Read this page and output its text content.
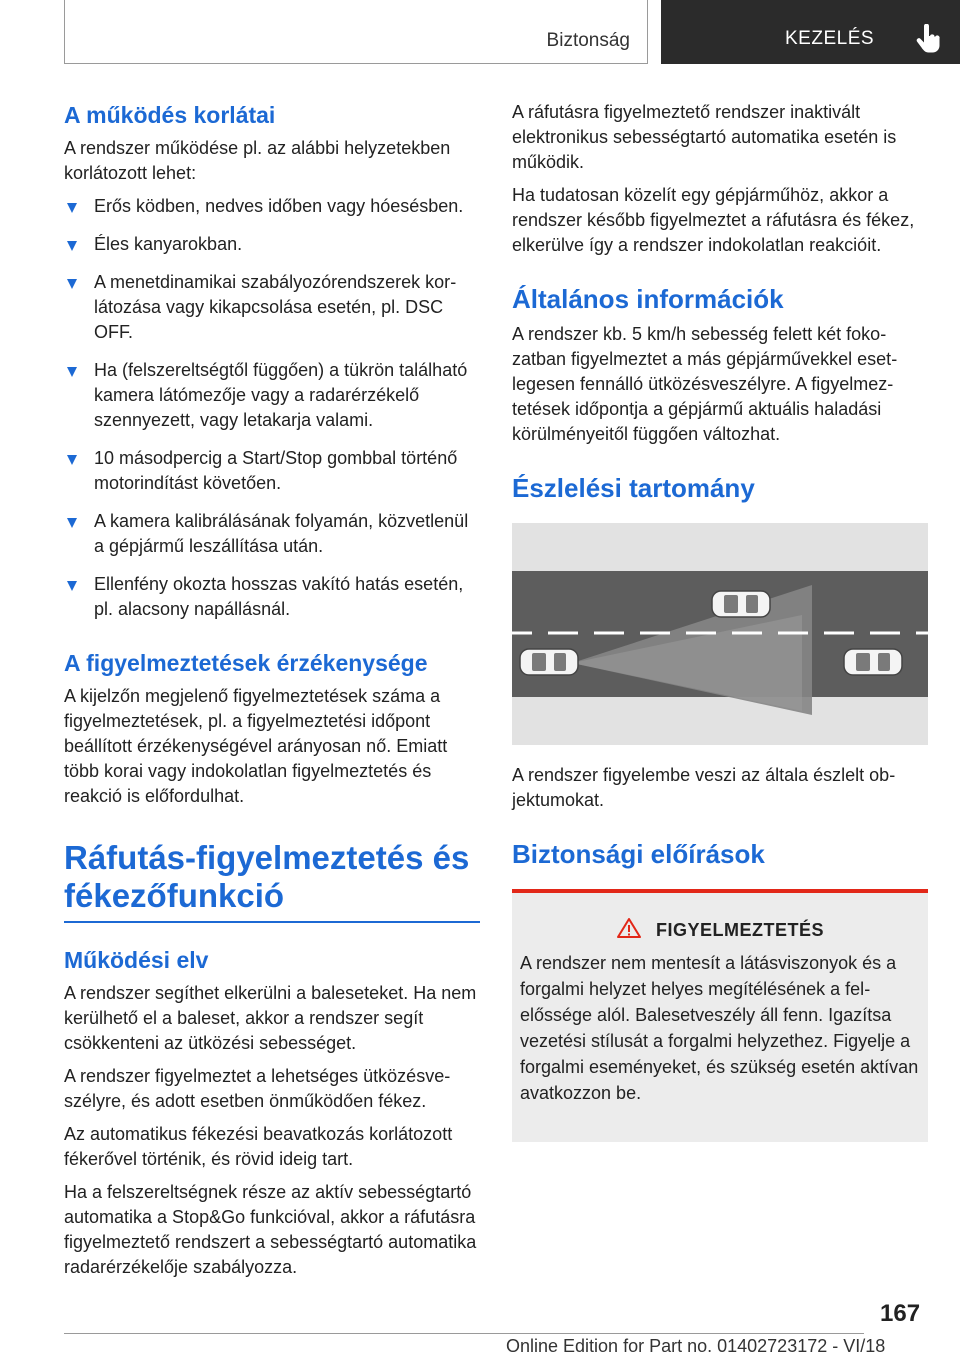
Biztonság	KEZELÉS
A működés korlátai

A rendszer működése pl. az alábbi helyzetekben korlátozott lehet:

Erős ködben, nedves időben vagy hóesésben.
Éles kanyarokban.
A menetdinamikai szabályozórendszerek korlátozása vagy kikapcsolása esetén, pl. DSC OFF.
Ha (felszereltségtől függően) a tükrön található kamera látómezője vagy a radarérzékelő szennyezett, vagy letakarja valami.
10 másodpercig a Start/Stop gombbal történő motorindítást követően.
A kamera kalibrálásának folyamán, közvetlenül a gépjármű leszállítása után.
Ellenfény okozta hosszas vakító hatás esetén, pl. alacsony napállásnál.
A figyelmeztetések érzékenysége

A kijelzőn megjelenő figyelmeztetések száma a figyelmeztetések, pl. a figyelmeztetési időpont beállított érzékenységével arányosan nő. Emiatt több korai vagy indokolatlan figyelmeztetés és reakció is előfordulhat.

Ráfutás-figyelmeztetés és fékezőfunkció
Működési elv

A rendszer segíthet elkerülni a baleseteket. Ha nem kerülhető el a baleset, akkor a rendszer segít csökkenteni az ütközési sebességet.

A rendszer figyelmeztet a lehetséges ütközésveszélyre, és adott esetben önműködően fékez.

Az automatikus fékezési beavatkozás korlátozott fékerővel történik, és rövid ideig tart.

Ha a felszereltségnek része az aktív sebességtartó automatika a Stop&Go funkcióval, akkor a ráfutásra figyelmeztető rendszert a sebességtartó automatika radarérzékelője szabályozza.

A ráfutásra figyelmeztető rendszer inaktivált elektronikus sebességtartó automatika esetén is működik.

Ha tudatosan közelít egy gépjárműhöz, akkor a rendszer később figyelmeztet a ráfutásra és fékez, elkerülve így a rendszer indokolatlan reakcióit.

Általános információk

A rendszer kb. 5 km/h sebesség felett két fokozatban figyelmeztet a más gépjárművekkel esetlegesen fennálló ütközésveszélyre. A figyelmeztetések időpontja a gépjármű aktuális haladási körülményeitől függően változhat.

Észlelési tartomány

A rendszer figyelembe veszi az általa észlelt objektumokat.

Biztonsági előírások
FIGYELMEZTETÉS

A rendszer nem mentesít a látásviszonyok és a forgalmi helyzet helyes megítélésének a felelőssége alól. Balesetveszély áll fenn. Igazítsa vezetési stílusát a forgalmi helyzethez. Figyelje a forgalmi eseményeket, és szükség esetén aktívan avatkozzon be.

167
Online Edition for Part no. 01402723172 - VI/18
